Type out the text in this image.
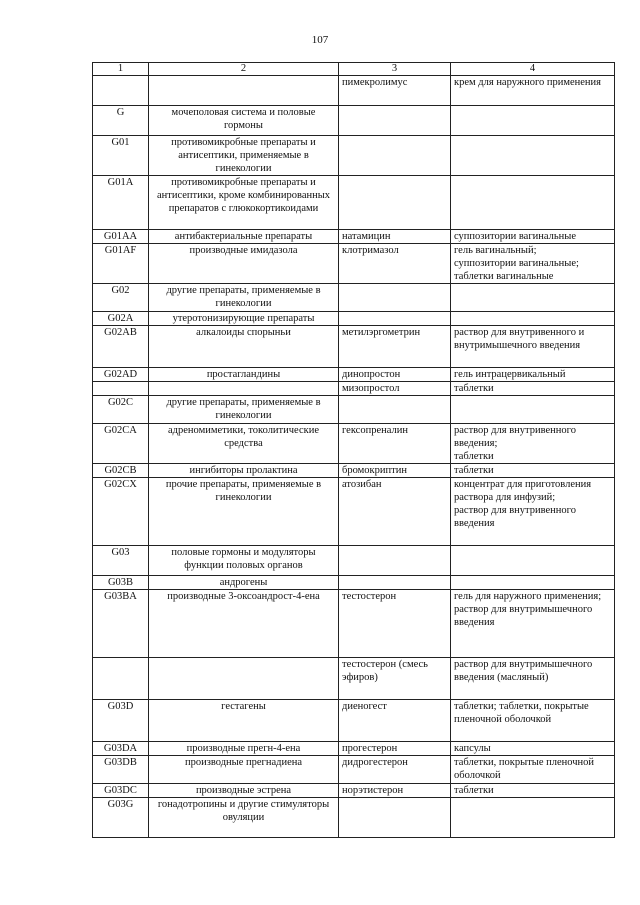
107
1	2	3	4
		пимекролимус	крем для наружного применения

G	мочеполовая система и половые гормоны		
G01	противомикробные препараты и антисептики, применяемые в гинекологии		
G01A	противомикробные препараты и антисептики, кроме комбинированных препаратов с глюкокортикоидами		
G01AA	антибактериальные препараты	натамицин	суппозитории вагинальные

G01AF	производные имидазола	клотримазол	гель вагинальный;
суппозитории вагинальные;
таблетки вагинальные

G02	другие препараты, применяемые в гинекологии		
G02A	утеротонизирующие препараты		
G02AB	алкалоиды спорыньи	метилэргометрин	раствор для внутривенного и внутримышечного введения

G02AD	простагландины	динопростон	гель интрацервикальный

		мизопростол	таблетки

G02C	другие препараты, применяемые в гинекологии		
G02CA	адреномиметики, токолитические средства	гексопреналин	раствор для внутривенного введения;
таблетки

G02CB	ингибиторы пролактина	бромокриптин	таблетки

G02CX	прочие препараты, применяемые в гинекологии	атозибан	концентрат для приготовления раствора для инфузий;
раствор для внутривенного введения

G03	половые гормоны и модуляторы функции половых органов		
G03B	андрогены		
G03BA	производные 3-оксоандрост-4-ена	тестостерон	гель для наружного применения;
раствор для внутримышечного введения

		тестостерон (смесь эфиров)	раствор для внутримышечного введения (масляный)

G03D	гестагены	диеногест	таблетки; таблетки, покрытые пленочной оболочкой

G03DA	производные прегн-4-ена	прогестерон	капсулы

G03DB	производные прегнадиена	дидрогестерон	таблетки, покрытые пленочной оболочкой

G03DC	производные эстрена	норэтистерон	таблетки

G03G	гонадотропины и другие стимуляторы овуляции		
